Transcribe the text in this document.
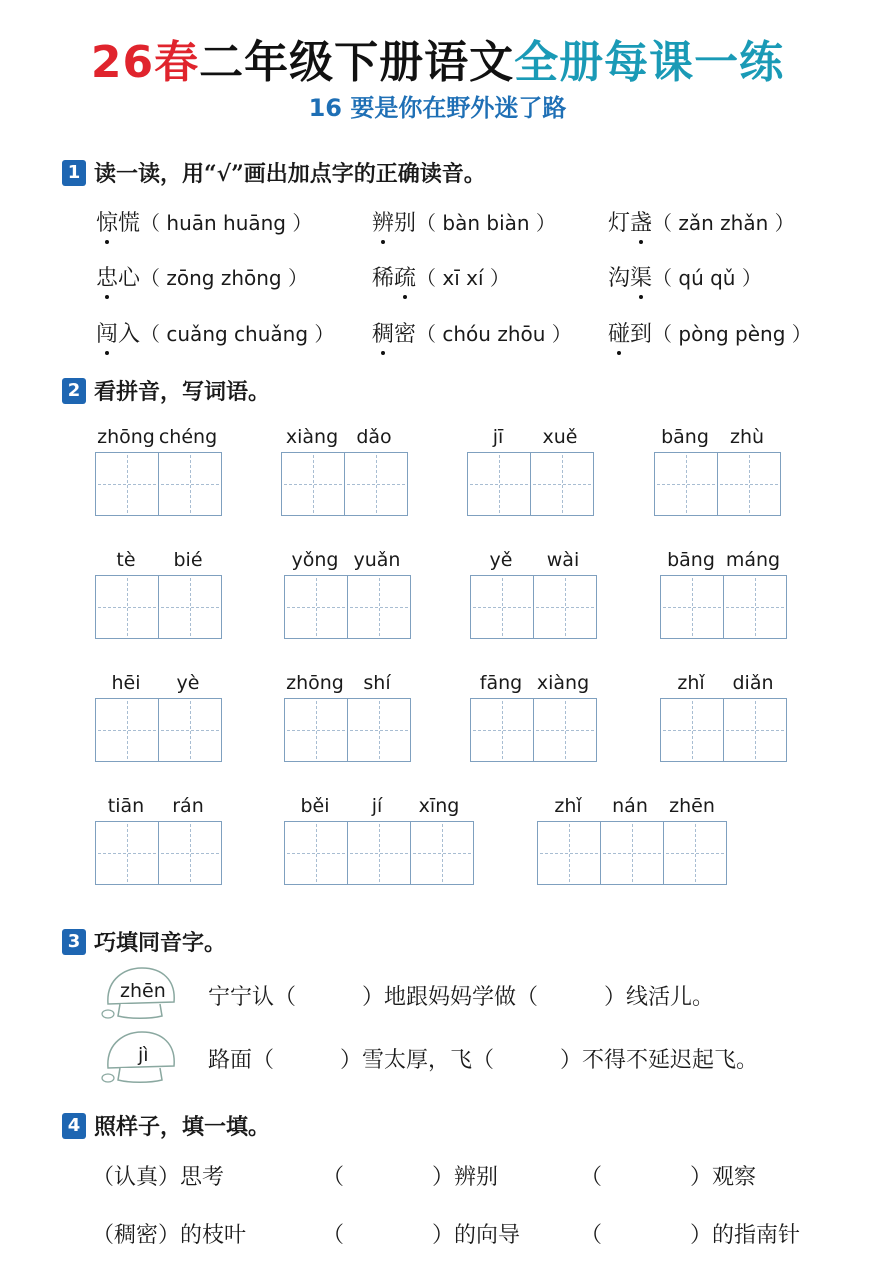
26春二年级下册语文全册每课一练
16 要是你在野外迷了路
1 读一读，用“√”画出加点字的正确读音。
惊慌（ huān huāng ）	辨别（ bàn biàn ） 灯盏（ zǎn zhǎn ）
忠心（ zōng zhōng ）	稀疏（ xī xí ）	沟渠（ qú qǔ ）
闯入（ cuǎng chuǎng ） 稠密（ chóu zhōu ） 碰到（ pòng pèng ）
2 看拼音，写词语。
zhōng chéng	xiàng dǎo	jī xuě	bāng zhù
tè bié	yǒng yuǎn	yě wài	bāng máng
hēi yè	zhōng shí	fāng xiàng	zhǐ diǎn
tiān rán	běi jí xīng	zhǐ nán zhēn
3 巧填同音字。
zhēn 宁宁认（　　　）地跟妈妈学做（　　　）线活儿。
jì	路面（　　　）雪太厚，飞（　　　）不得不延迟起飞。
4 照样子，填一填。
（认真）思考	（　　　　）辨别	（　　　　）观察
（稠密）的枝叶	（　　　　）的向导	（　　　　）的指南针
